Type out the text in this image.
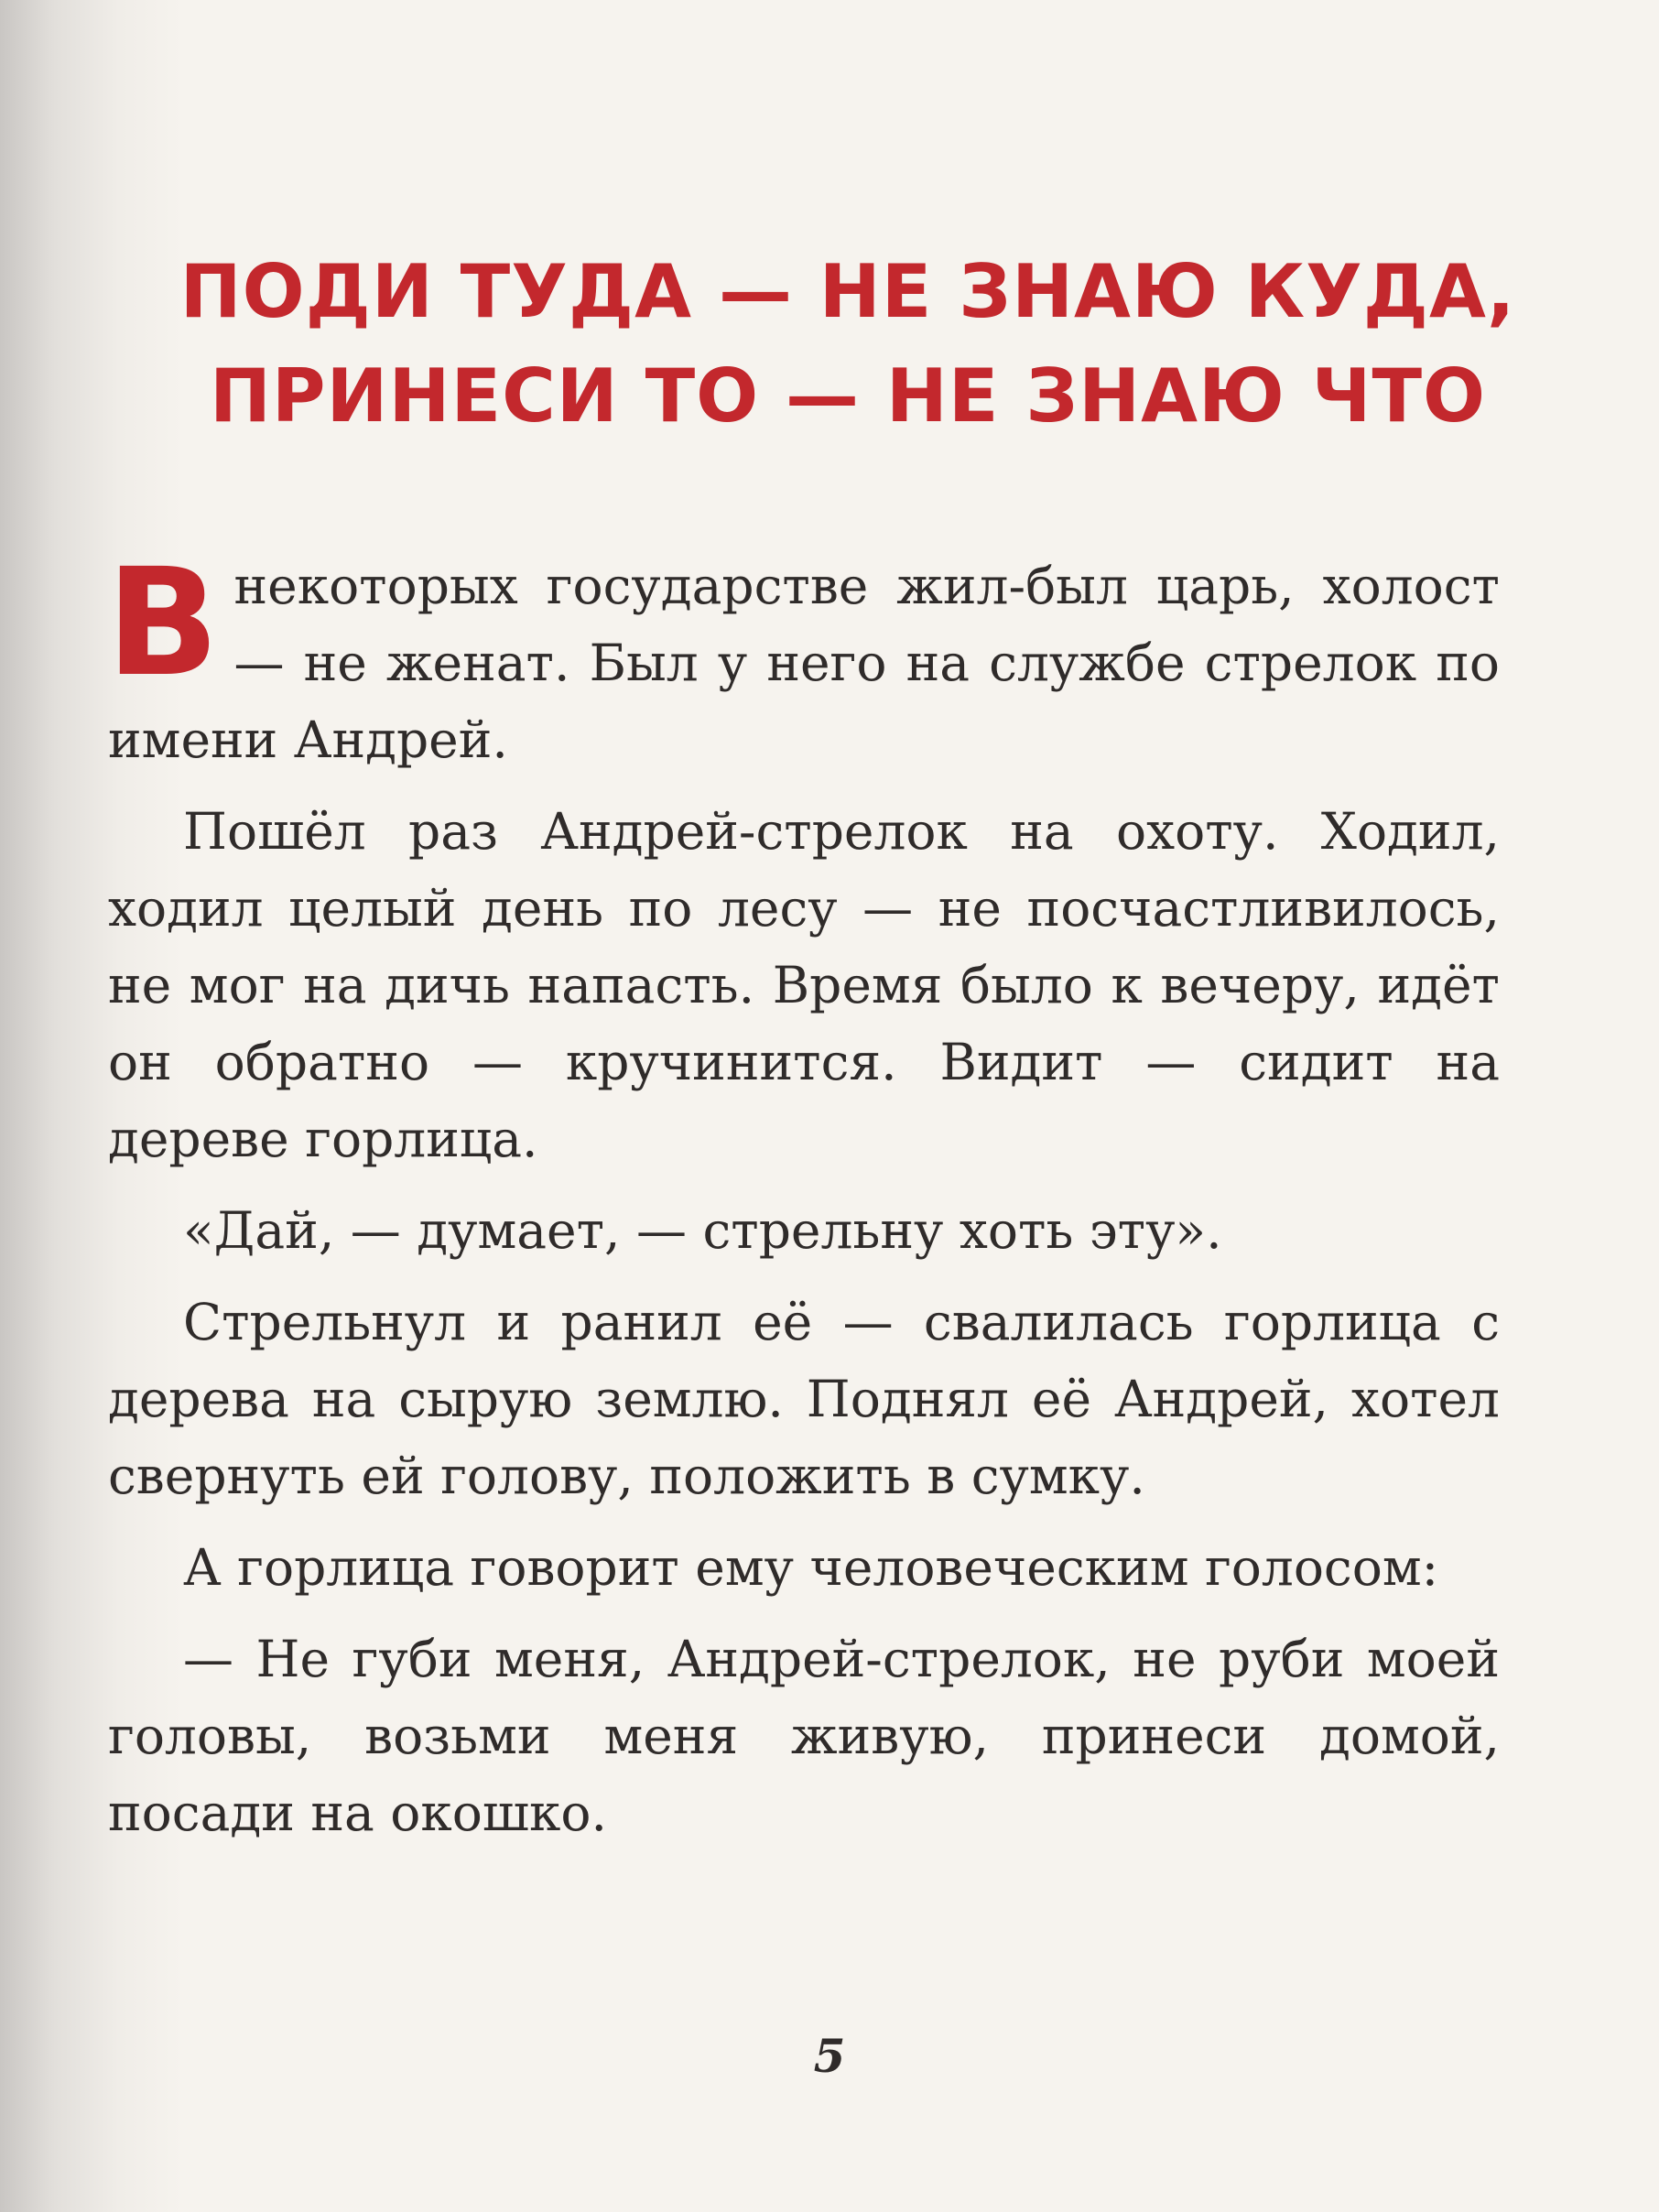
ПОДИ ТУДА — НЕ ЗНАЮ КУДА,
ПРИНЕСИ ТО — НЕ ЗНАЮ ЧТО

Внекоторых государстве жил-был царь, холост — не женат. Был у него на службе стрелок по имени Андрей.

Пошёл раз Андрей-стрелок на охоту. Ходил, ходил целый день по лесу — не посчастливилось, не мог на дичь напасть. Время было к вечеру, идёт он обратно — кручинится. Видит — сидит на дереве горлица.

«Дай, — думает, — стрельну хоть эту».

Стрельнул и ранил её — свалилась горлица с дерева на сырую землю. Поднял её Андрей, хотел свернуть ей голову, положить в сумку.

А горлица говорит ему человеческим голосом:

— Не губи меня, Андрей-стрелок, не руби моей головы, возьми меня живую, принеси домой, посади на окошко.

5
